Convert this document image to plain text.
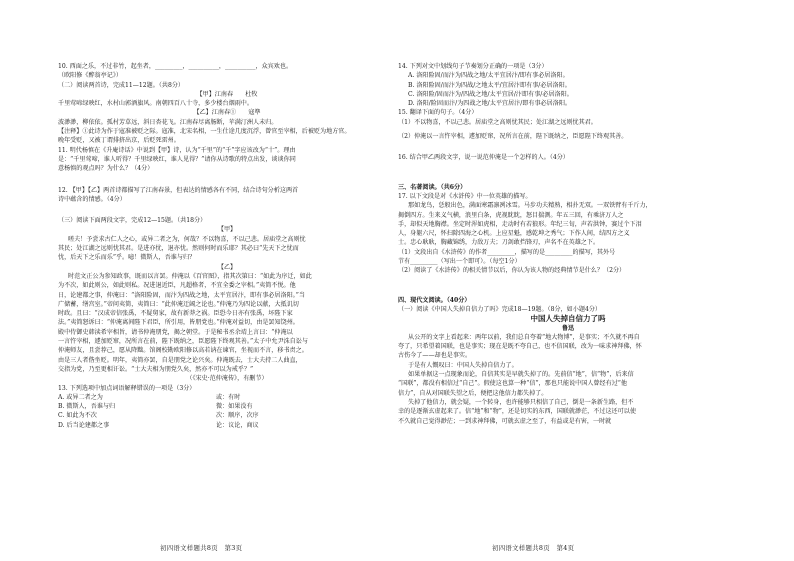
10. 西面之乐，不过非竹，起坐者，_________，__________，__________，众宾欢也。
（欧阳修《醉翁亭记》）
（二）阅读两首诗，完成11—12题。（共8分）
【甲】江南春　　杜牧
千里莺啼绿映红，水村山郭酒旗风。南朝四百八十寺，多少楼台烟雨中。
【乙】江南春①　　寇準
波渺渺，柳依依。孤村芳草远，斜日杏花飞。江南春尽离肠断，苹满汀洲人未归。
【注释】①此诗为作于寇准被贬之际。寇准，北宋名相，一生仕途几度沉浮，曾官至宰相，后被贬为地方官。
晚年受贬，又被丁谓排挤出京，后贬死雷州。
11. 明代杨慎在《升庵诗话》中说到【甲】诗，认为“千里”的“千”字应该改为“十”。理由
是：“千里莺啼，谁人听得？千里绿映红，谁人见得？”请你从诗歌的特点出发，谈谈你同
意杨慎的观点吗？为什么？（4分）
12. 【甲】【乙】两首诗都描写了江南春景，但表达的情感各有不同，结合诗句分析这两首
诗中蕴含的情感。（4分）
（三）阅读下面两段文字，完成12—15题。（共18分）
【甲】
嗟夫！予尝求古仁人之心，或异二者之为，何哉？不以物喜，不以己悲。居庙堂之高则忧
其民；处江湖之远则忧其君。是进亦忧，退亦忧。然则何时而乐耶？其必曰“先天下之忧而
忧，后天下之乐而乐”乎。噫！微斯人，吾谁与归？
【乙】
时范文正公为参知政事，既而以言罢。仲淹以《百官图》，指其次第曰：“如此为序迁，如此
为不次，如此则公，如此则私。况进退近臣，凡超格者，不宜全委之宰相。”夷简不悦。他
日，论建都之事，仲淹曰：“洛阳险固，而汴为四战之地，太平宜居汴，即有事必居洛阳。”当
广储蓄，缮宫室。”帝问夷简，夷简曰：“此仲淹迂阔之论也。”仲淹乃为四论以献，大抵讥切
时政。且曰：“汉成帝信张禹，不疑舅家，故有新莽之祸。臣恐今日亦有张禹，坏陛下家
法。”夷简怒诉曰：“仲淹离间陛下君臣，所引用，皆朋党也。”仲淹对益切，由是罢知饶州。
殿中侍御史韩渎希宰相旨，请书仲淹朋党，揭之朝堂。于是秘书丞余靖上言曰：“仲淹以
一言忤宰相，遽加贬窜，况所言在前，陛下既纳之，臣愿陛下终观其善。”太子中允尹洙自讼与
仲淹师友，且尝荐己，愿从降黜。馆阁校勘欧阳修以高若讷在谏官，坐视而不言，移书责之。
由是三人者偕坐贬。明年，夷简亦罢，自是朋党之论兴矣。仲淹既去，士大夫持二人曲直，
交指为党，乃至更相讦讼。“士大夫相为朋党久矣，然亦不可以为戒乎？”
（《宋史·范仲淹传》，有删节）
13. 下列选项中加点词语解释错误的一项是（3分）
A. 或异二者之为	或：有时
B. 微斯人，吾谁与归	微：如果没有
C. 如此为不次	次：顺序，次序
D. 后当论建都之事	论：议论，商议
14. 下列对文中划线句子节奏划分正确的一项是（3分）
A. 洛阳险固/而汴为四战之地/太平宜居汴/即有事必居洛阳。
B. 洛阳险固/而汴为四战/之地太平/宜居汴即有事/必居洛阳。
C. 洛阳险/固而汴为/四战之地/太平宜居/汴即有事/必居洛阳。
D. 洛阳/险固而汴/为四战之地/太平宜居汴/即有事必居洛阳。
15. 翻译下面的句子。（4分）
（1）不以物喜，不以己悲。居庙堂之高则忧其民；处江湖之远则忧其君。
（2）仲淹以一言忤宰相，遽加贬窜，况所言在前，陛下既纳之，臣愿陛下终观其善。
16. 结合甲乙两段文字，说一说范仲淹是一个怎样的人。（4分）
三、名著阅读。（共6分）
17. 以下文段是对《水浒传》中一位英雄的描写。
那如龙鸟，恁般出色，满面寒霜凛冽冰雪。马步功夫精熟，相扑无双。一双铁臂有千斤力，
揭倒四方。生来义气横，浪里白条，虎视眈眈，怒目揣测。年五三回，有乘济万人之
手，却似天地胸襟。坐定时浑如虎相，走动时有若狼形。年纪三旬，声若洪钟，赛过个下泪
人，身躯六尺，怀扫除四海之心机。上应星魁，感乾坤之秀气；下作人间，结四方之义
士。忠心耿耿，胸藏锦绣，力敌万夫；刀剑敢挡锋刃，声名不在英雄之下。
（1）文段出自《水浒传》的作者_________，描写的是_________的描写，其外号
节有_________（写出一个即可）。（每空1分）
（2）阅读了《水浒传》的相关情节以后，你认为该人物的经典情节是什么？（2分）
四、现代文阅读。（40分）
（一）阅读《中国人失掉自信力了吗》完成18—19题。（8分，如小题4分）
中国人失掉自信力了吗
鲁迅
从公开的文字上看起来：两年以前，我们总自夸着“地大物博”，是事实；不久就不再自
夸了，只希望着国联，也是事实；现在是既不夸自己，也不信国联，改为一味求神拜佛，怀
古伤今了——却也是事实。
于是有人慨叹曰：中国人失掉自信力了。
如果单据这一点现象而论，自信其实是早就失掉了的。先前信“地”，信“物”，后来信
“国联”，都没有相信过“自己”。假使这也算一种“信”，那也只能说中国人曾经有过“他
信力”，自从对国联失望之后，便把这他信力都失掉了。
失掉了他信力，就会疑，一个转身，也许能够只相信了自己，倒是一条新生路，但不
幸的是逐渐玄虚起来了。信“地”和“物”，还是切实的东西，国联就渺茫，不过这还可以使
不久就自己觉得渺茫；一到求神拜佛，可就玄虚之至了，有益或是有害，一时就
初四语文样题共8页　第3页	初四语文样题共8页　第4页
